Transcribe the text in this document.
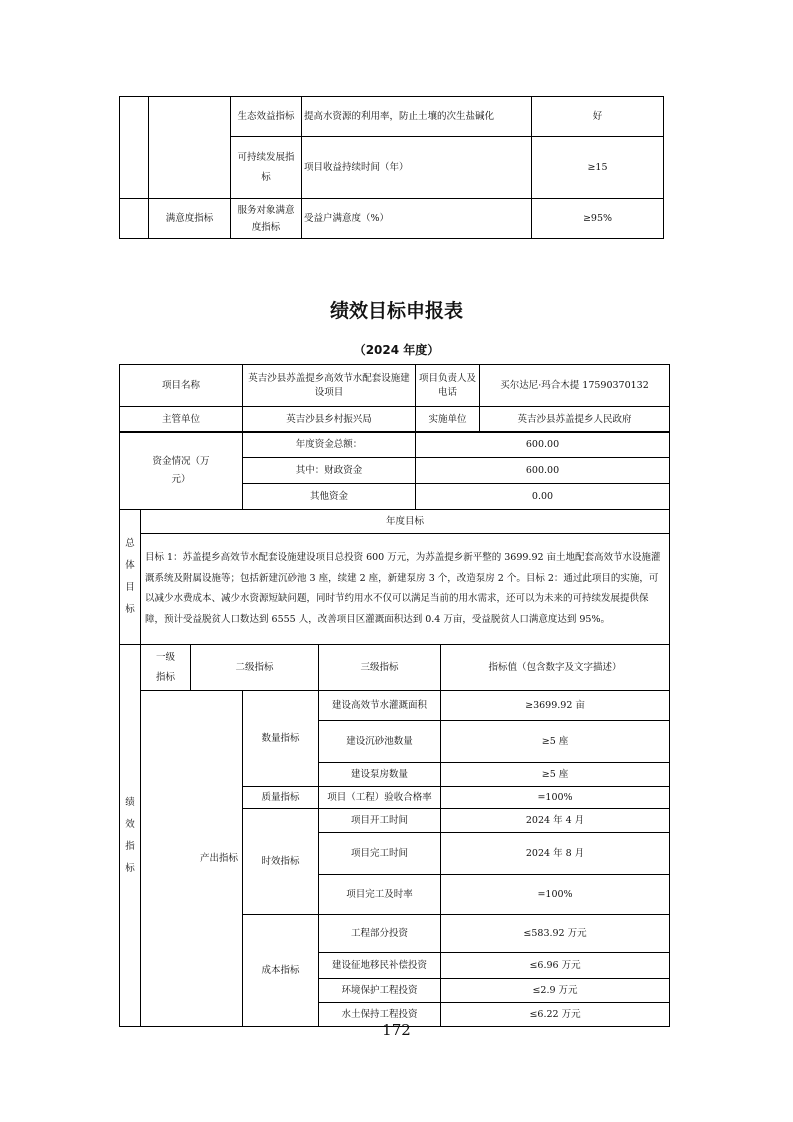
		生态效益指标	提高水资源的利用率，防止土壤的次生盐碱化	好
		可持续发展指标	项目收益持续时间（年）	≥15
	满意度指标	服务对象满意度指标	受益户满意度（%）	≥95%
绩效目标申报表
（2024 年度）
项目名称	英吉沙县苏盖提乡高效节水配套设施建设项目	项目负责人及电话	买尔达尼·玛合木提 17590370132
主管单位	英吉沙县乡村振兴局	实施单位	英吉沙县苏盖提乡人民政府
资金情况（万元）	年度资金总额：	600.00
	其中：财政资金	600.00
	其他资金	0.00
总体目标	年度目标
目标 1：苏盖提乡高效节水配套设施建设项目总投资 600 万元，为苏盖提乡新平整的 3699.92 亩土地配套高效节水设施灌溉系统及附属设施等；包括新建沉砂池 3 座，续建 2 座，新建泵房 3 个，改造泵房 2 个。目标 2：通过此项目的实施，可以减少水费成本、减少水资源短缺问题，同时节约用水不仅可以满足当前的用水需求，还可以为未来的可持续发展提供保障，预计受益脱贫人口数达到 6555 人，改善项目区灌溉面积达到 0.4 万亩，受益脱贫人口满意度达到 95%。
绩效指标	一级指标	二级指标		三级指标	指标值（包含数字及文字描述）
	产出指标		数量指标	建设高效节水灌溉面积	≥3699.92 亩
				建设沉砂池数量	≥5 座
				建设泵房数量	≥5 座
			质量指标	项目（工程）验收合格率	=100%
			时效指标	项目开工时间	2024 年 4 月
				项目完工时间	2024 年 8 月
				项目完工及时率	=100%
			成本指标	工程部分投资	≤583.92 万元
				建设征地移民补偿投资	≤6.96 万元
				环境保护工程投资	≤2.9 万元
				水土保持工程投资	≤6.22 万元
172
